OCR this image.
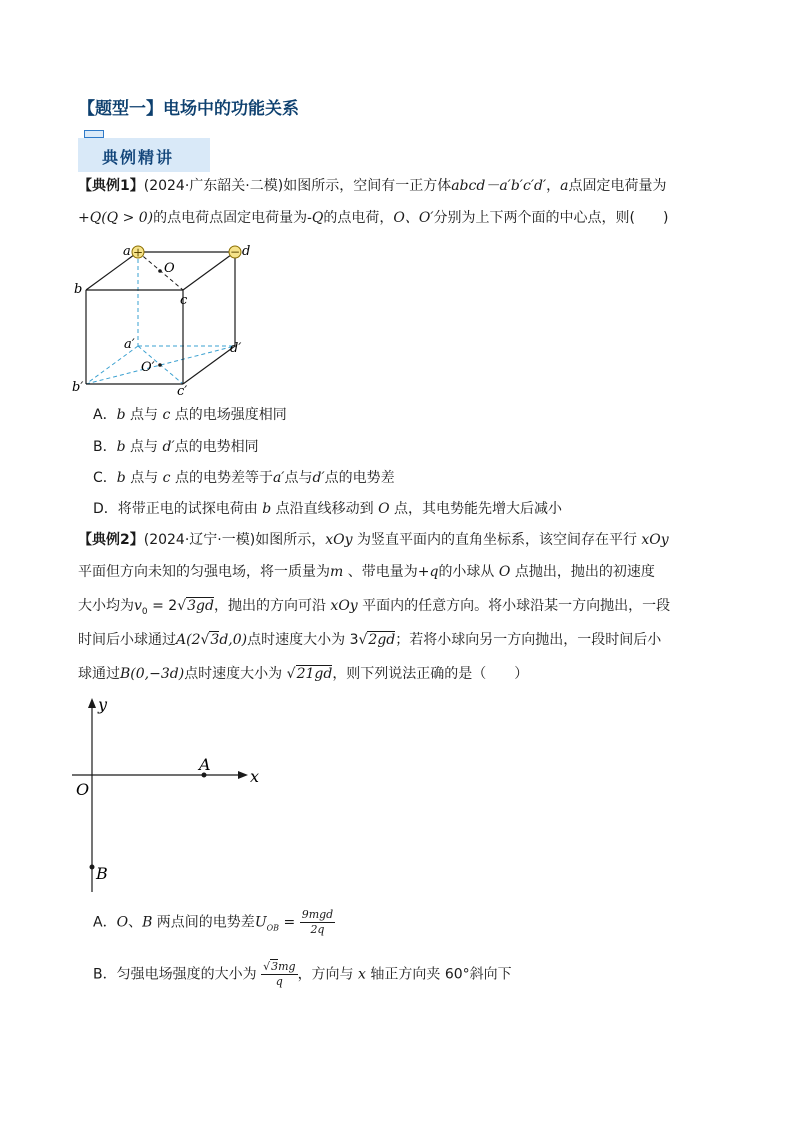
【题型一】电场中的功能关系
典例精讲
【典例1】(2024·广东韶关·二模)如图所示，空间有一正方体abcd－a′b′c′d′，a点固定电荷量为
+Q(Q > 0)的点电荷点固定电荷量为-Q的点电荷，O、O′分别为上下两个面的中心点，则(　　)
+	−
a
b
c
d
O
a′
b′	c′
d′
O′
A．b 点与 c 点的电场强度相同
B．b 点与 d′点的电势相同
C．b 点与 c 点的电势差等于a′点与d′点的电势差
D．将带正电的试探电荷由 b 点沿直线移动到 O 点，其电势能先增大后减小
【典例2】(2024·辽宁·一模)如图所示，xOy 为竖直平面内的直角坐标系，该空间存在平行 xOy
平面但方向未知的匀强电场，将一质量为m 、带电量为+q的小球从 O 点抛出，抛出的初速度
大小均为$v_0 = 2√3gd$，抛出的方向可沿 xOy 平面内的任意方向。将小球沿某一方向抛出，一段
时间后小球通过A(2√3d,0)点时速度大小为 3√2gd；若将小球向另一方向抛出，一段时间后小
球通过B(0,−3d)点时速度大小为 √21gd，则下列说法正确的是（　　）
y
x
O
A
B
A．O、B 两点间的电势差$U_{OB} = \frac{\text{9mgd}}{2q}$
B．匀强电场强度的大小为 $\frac{√3mg}{q}$ ，方向与 x 轴正方向夹 60°斜向下
